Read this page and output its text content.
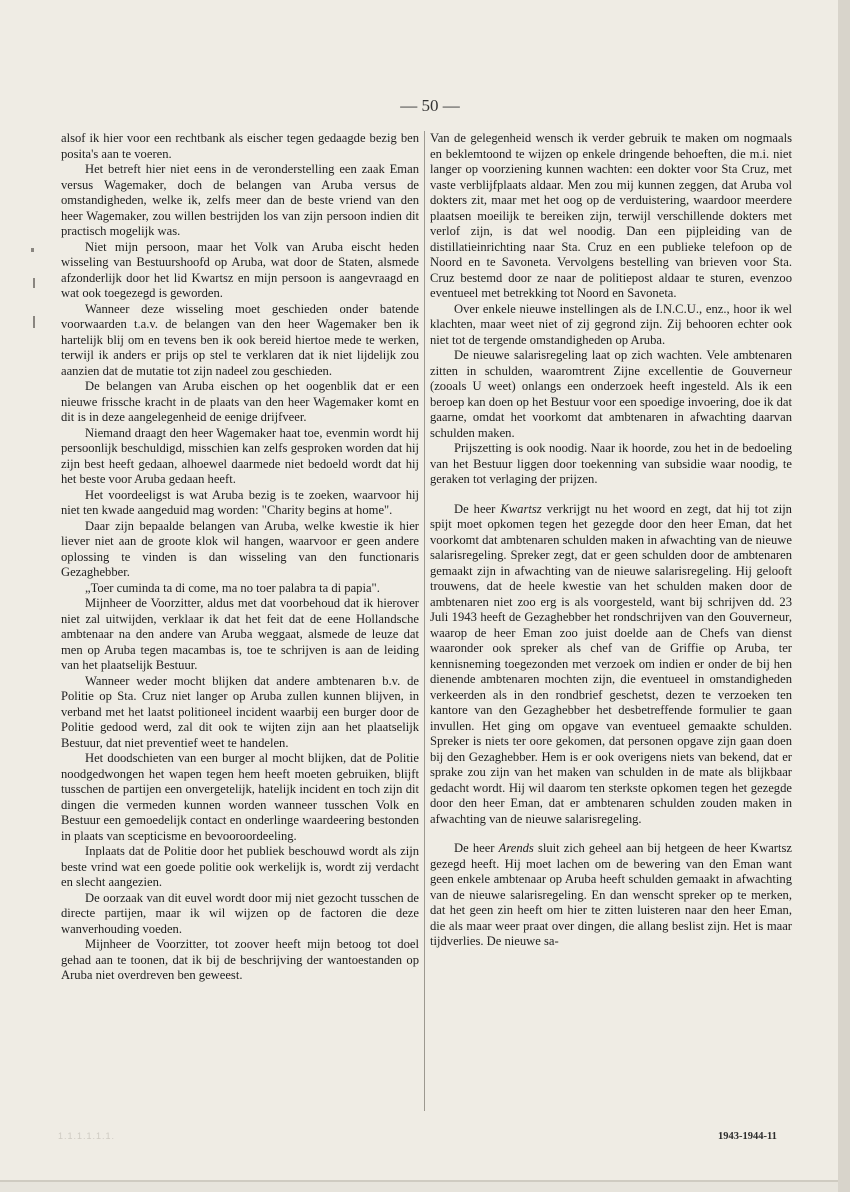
— 50 —

alsof ik hier voor een rechtbank als eischer tegen gedaagde bezig ben posita's aan te voeren.

Het betreft hier niet eens in de veronderstelling een zaak Eman versus Wagemaker, doch de belangen van Aruba versus de omstandigheden, welke ik, zelfs meer dan de beste vriend van den heer Wagemaker, zou willen bestrijden los van zijn persoon indien dit practisch mogelijk was.

Niet mijn persoon, maar het Volk van Aruba eischt heden wisseling van Bestuurshoofd op Aruba, wat door de Staten, alsmede afzonderlijk door het lid Kwartsz en mijn persoon is aangevraagd en wat ook toegezegd is geworden.

Wanneer deze wisseling moet geschieden onder batende voorwaarden t.a.v. de belangen van den heer Wagemaker ben ik hartelijk blij om en tevens ben ik ook bereid hiertoe mede te werken, terwijl ik anders er prijs op stel te verklaren dat ik niet lijdelijk zou aanzien dat de mutatie tot zijn nadeel zou geschieden.

De belangen van Aruba eischen op het oogenblik dat er een nieuwe frissche kracht in de plaats van den heer Wagemaker komt en dit is in deze aangelegenheid de eenige drijfveer.

Niemand draagt den heer Wagemaker haat toe, evenmin wordt hij persoonlijk beschuldigd, misschien kan zelfs gesproken worden dat hij zijn best heeft gedaan, alhoewel daarmede niet bedoeld wordt dat hij het beste voor Aruba gedaan heeft.

Het voordeeligst is wat Aruba bezig is te zoeken, waarvoor hij niet ten kwade aangeduid mag worden: "Charity begins at home".

Daar zijn bepaalde belangen van Aruba, welke kwestie ik hier liever niet aan de groote klok wil hangen, waarvoor er geen andere oplossing te vinden is dan wisseling van den functionaris Gezaghebber.

„Toer cuminda ta di come, ma no toer palabra ta di papia".

Mijnheer de Voorzitter, aldus met dat voorbehoud dat ik hierover niet zal uitwijden, verklaar ik dat het feit dat de eene Hollandsche ambtenaar na den andere van Aruba weggaat, alsmede de leuze dat men op Aruba tegen macambas is, toe te schrijven is aan de leiding van het plaatselijk Bestuur.

Wanneer weder mocht blijken dat andere ambtenaren b.v. de Politie op Sta. Cruz niet langer op Aruba zullen kunnen blijven, in verband met het laatst politioneel incident waarbij een burger door de Politie gedood werd, zal dit ook te wijten zijn aan het plaatselijk Bestuur, dat niet preventief weet te handelen.

Het doodschieten van een burger al mocht blijken, dat de Politie noodgedwongen het wapen tegen hem heeft moeten gebruiken, blijft tusschen de partijen een onvergetelijk, hatelijk incident en toch zijn dit dingen die vermeden kunnen worden wanneer tusschen Volk en Bestuur een gemoedelijk contact en onderlinge waardeering bestonden in plaats van scepticisme en bevooroordeeling.

Inplaats dat de Politie door het publiek beschouwd wordt als zijn beste vrind wat een goede politie ook werkelijk is, wordt zij verdacht en slecht aangezien.

De oorzaak van dit euvel wordt door mij niet gezocht tusschen de directe partijen, maar ik wil wijzen op de factoren die deze wanverhouding voeden.

Mijnheer de Voorzitter, tot zoover heeft mijn betoog tot doel gehad aan te toonen, dat ik bij de beschrijving der wantoestanden op Aruba niet overdreven ben geweest.

Van de gelegenheid wensch ik verder gebruik te maken om nogmaals en beklemtoond te wijzen op enkele dringende behoeften, die m.i. niet langer op voorziening kunnen wachten: een dokter voor Sta Cruz, met vaste verblijfplaats aldaar. Men zou mij kunnen zeggen, dat Aruba vol dokters zit, maar met het oog op de verduistering, waardoor meerdere plaatsen moeilijk te bereiken zijn, terwijl verschillende dokters met verlof zijn, is dat wel noodig. Dan een pijpleiding van de distillatieinrichting naar Sta. Cruz en een publieke telefoon op de Noord en te Savoneta. Vervolgens bestelling van brieven voor Sta. Cruz bestemd door ze naar de politiepost aldaar te sturen, evenzoo eventueel met betrekking tot Noord en Savoneta.

Over enkele nieuwe instellingen als de I.N.C.U., enz., hoor ik wel klachten, maar weet niet of zij gegrond zijn. Zij behooren echter ook niet tot de tergende omstandigheden op Aruba.

De nieuwe salarisregeling laat op zich wachten. Vele ambtenaren zitten in schulden, waaromtrent Zijne excellentie de Gouverneur (zooals U weet) onlangs een onderzoek heeft ingesteld. Als ik een beroep kan doen op het Bestuur voor een spoedige invoering, doe ik dat gaarne, omdat het voorkomt dat ambtenaren in afwachting daarvan schulden maken.

Prijszetting is ook noodig. Naar ik hoorde, zou het in de bedoeling van het Bestuur liggen door toekenning van subsidie waar noodig, te geraken tot verlaging der prijzen.

De heer Kwartsz verkrijgt nu het woord en zegt, dat hij tot zijn spijt moet opkomen tegen het gezegde door den heer Eman, dat het voorkomt dat ambtenaren schulden maken in afwachting van de nieuwe salarisregeling. Spreker zegt, dat er geen schulden door de ambtenaren gemaakt zijn in afwachting van de nieuwe salarisregeling. Hij gelooft trouwens, dat de heele kwestie van het schulden maken door de ambtenaren niet zoo erg is als voorgesteld, want bij schrijven dd. 23 Juli 1943 heeft de Gezaghebber het rondschrijven van den Gouverneur, waarop de heer Eman zoo juist doelde aan de Chefs van dienst waaronder ook spreker als chef van de Griffie op Aruba, ter kennisneming toegezonden met verzoek om indien er onder de bij hen dienende ambtenaren mochten zijn, die eventueel in omstandigheden verkeerden als in den rondbrief geschetst, dezen te verzoeken ten kantore van den Gezaghebber het desbetreffende formulier te gaan invullen. Het ging om opgave van eventueel gemaakte schulden. Spreker is niets ter oore gekomen, dat personen opgave zijn gaan doen bij den Gezaghebber. Hem is er ook overigens niets van bekend, dat er sprake zou zijn van het maken van schulden in de mate als blijkbaar gedacht wordt. Hij wil daarom ten sterkste opkomen tegen het gezegde door den heer Eman, dat er ambtenaren schulden zouden maken in afwachting van de nieuwe salarisregeling.

De heer Arends sluit zich geheel aan bij hetgeen de heer Kwartsz gezegd heeft. Hij moet lachen om de bewering van den Eman want geen enkele ambtenaar op Aruba heeft schulden gemaakt in afwachting van de nieuwe salarisregeling. En dan wenscht spreker op te merken, dat het geen zin heeft om hier te zitten luisteren naar den heer Eman, die als maar weer praat over dingen, die allang beslist zijn. Het is maar tijdverlies. De nieuwe sa-

1.1.1.1.1.1.	1943-1944-11
